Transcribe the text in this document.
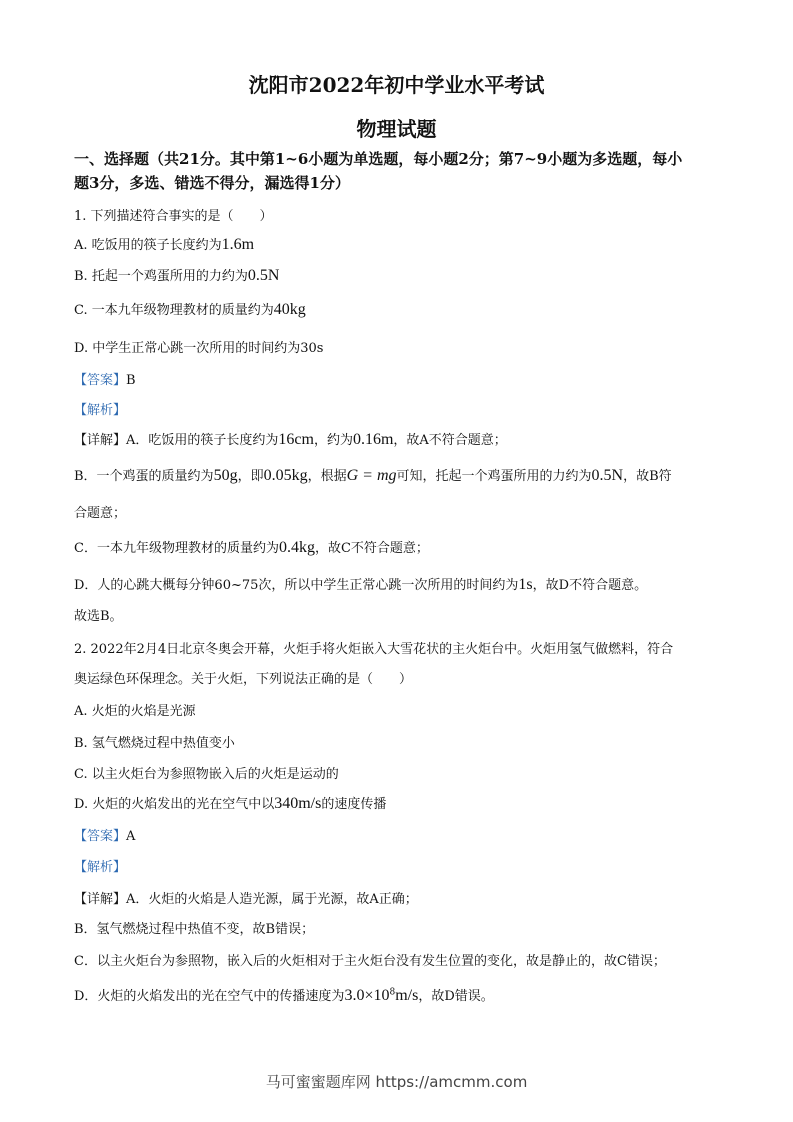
沈阳市2022年初中学业水平考试
物理试题
一、选择题（共21分。其中第1~6小题为单选题，每小题2分；第7~9小题为多选题，每小
题3分，多选、错选不得分，漏选得1分）
1. 下列描述符合事实的是（　　）
A. 吃饭用的筷子长度约为1.6m
B. 托起一个鸡蛋所用的力约为0.5N
C. 一本九年级物理教材的质量约为40kg
D. 中学生正常心跳一次所用的时间约为30s
【答案】B
【解析】
【详解】A．吃饭用的筷子长度约为16cm，约为0.16m，故A不符合题意；
B．一个鸡蛋的质量约为50g，即0.05kg，根据G = mg可知，托起一个鸡蛋所用的力约为0.5N，故B符
合题意；
C．一本九年级物理教材的质量约为0.4kg，故C不符合题意；
D．人的心跳大概每分钟60~75次，所以中学生正常心跳一次所用的时间约为1s，故D不符合题意。
故选B。
2. 2022年2月4日北京冬奥会开幕，火炬手将火炬嵌入大雪花状的主火炬台中。火炬用氢气做燃料，符合
奥运绿色环保理念。关于火炬，下列说法正确的是（　　）
A. 火炬的火焰是光源
B. 氢气燃烧过程中热值变小
C. 以主火炬台为参照物嵌入后的火炬是运动的
D. 火炬的火焰发出的光在空气中以340m/s的速度传播
【答案】A
【解析】
【详解】A．火炬的火焰是人造光源，属于光源，故A正确；
B．氢气燃烧过程中热值不变，故B错误；
C．以主火炬台为参照物，嵌入后的火炬相对于主火炬台没有发生位置的变化，故是静止的，故C错误；
D．火炬的火焰发出的光在空气中的传播速度为$3.0\times 10^8m/s$，故D错误。
马可蜜蜜题库网 https://amcmm.com
